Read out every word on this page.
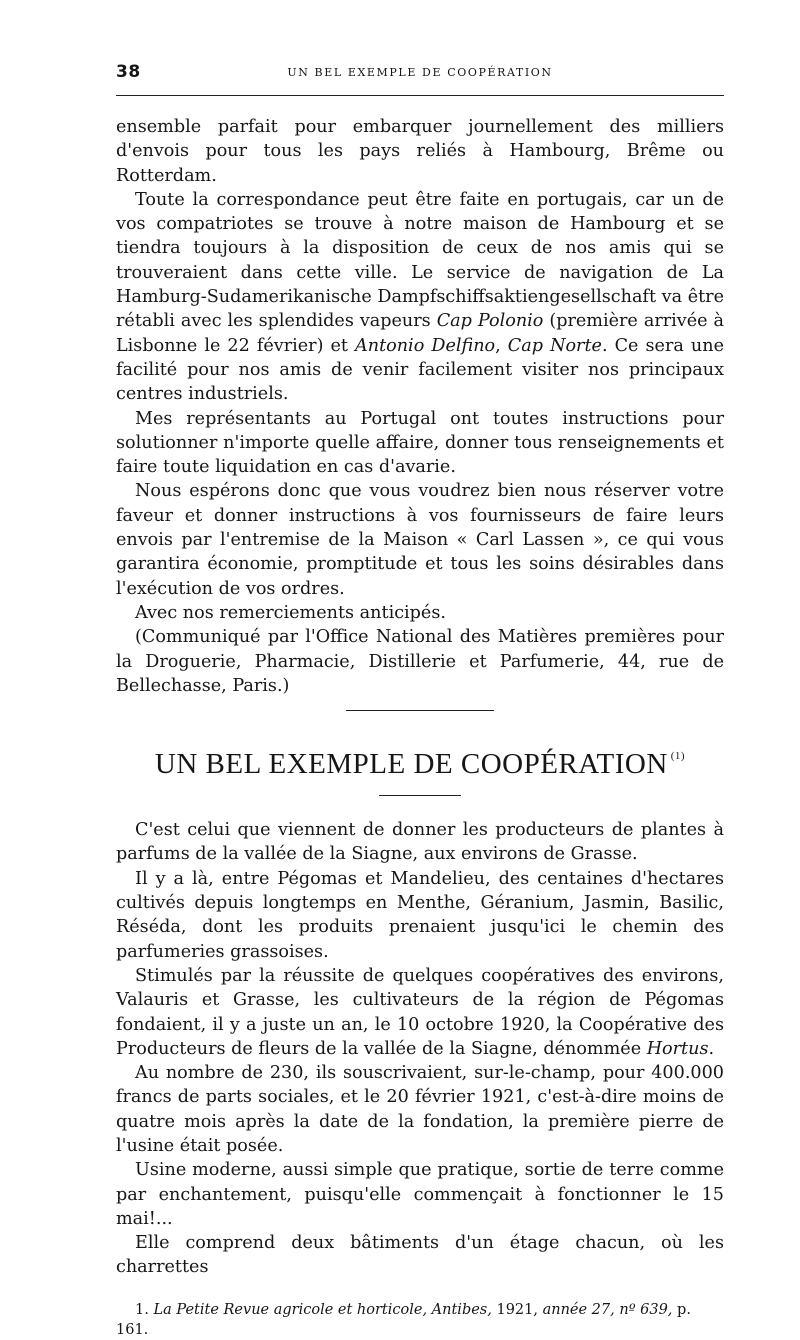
38	UN BEL EXEMPLE DE COOPÉRATION

ensemble parfait pour embarquer journellement des milliers d'envois pour tous les pays reliés à Hambourg, Brême ou Rotterdam.

Toute la correspondance peut être faite en portugais, car un de vos compatriotes se trouve à notre maison de Hambourg et se tiendra toujours à la disposition de ceux de nos amis qui se trouveraient dans cette ville. Le service de navigation de La Hamburg-Sudamerikanische Dampfschiffsaktiengesellschaft va être rétabli avec les splendides vapeurs Cap Polonio (première arrivée à Lisbonne le 22 février) et Antonio Delfino, Cap Norte. Ce sera une facilité pour nos amis de venir facilement visiter nos principaux centres industriels.

Mes représentants au Portugal ont toutes instructions pour solutionner n'importe quelle affaire, donner tous renseignements et faire toute liquidation en cas d'avarie.

Nous espérons donc que vous voudrez bien nous réserver votre faveur et donner instructions à vos fournisseurs de faire leurs envois par l'entremise de la Maison « Carl Lassen », ce qui vous garantira économie, promptitude et tous les soins désirables dans l'exécution de vos ordres.

Avec nos remerciements anticipés.

(Communiqué par l'Office National des Matières premières pour la Droguerie, Pharmacie, Distillerie et Parfumerie, 44, rue de Bellechasse, Paris.)

UN BEL EXEMPLE DE COOPÉRATION $^{(1)}$

C'est celui que viennent de donner les producteurs de plantes à parfums de la vallée de la Siagne, aux environs de Grasse.

Il y a là, entre Pégomas et Mandelieu, des centaines d'hectares cultivés depuis longtemps en Menthe, Géranium, Jasmin, Basilic, Réséda, dont les produits prenaient jusqu'ici le chemin des parfumeries grassoises.

Stimulés par la réussite de quelques coopératives des environs, Valauris et Grasse, les cultivateurs de la région de Pégomas fondaient, il y a juste un an, le 10 octobre 1920, la Coopérative des Producteurs de fleurs de la vallée de la Siagne, dénommée Hortus.

Au nombre de 230, ils souscrivaient, sur-le-champ, pour 400.000 francs de parts sociales, et le 20 février 1921, c'est-à-dire moins de quatre mois après la date de la fondation, la première pierre de l'usine était posée.

Usine moderne, aussi simple que pratique, sortie de terre comme par enchantement, puisqu'elle commençait à fonctionner le 15 mai!...

Elle comprend deux bâtiments d'un étage chacun, où les charrettes

1. La Petite Revue agricole et horticole, Antibes, 1921, année 27, nº 639, p. 161.
